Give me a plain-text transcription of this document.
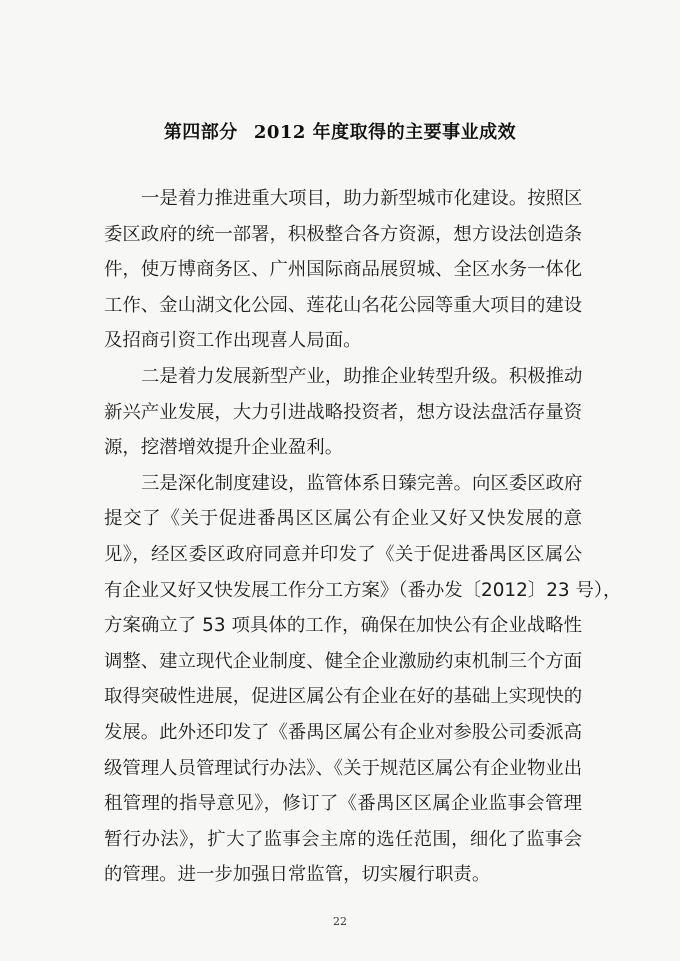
第四部分 2012 年度取得的主要事业成效
一是着力推进重大项目，助力新型城市化建设。按照区
委区政府的统一部署，积极整合各方资源，想方设法创造条
件，使万博商务区、广州国际商品展贸城、全区水务一体化
工作、金山湖文化公园、莲花山名花公园等重大项目的建设
及招商引资工作出现喜人局面。
二是着力发展新型产业，助推企业转型升级。积极推动
新兴产业发展，大力引进战略投资者，想方设法盘活存量资
源，挖潜增效提升企业盈利。
三是深化制度建设，监管体系日臻完善。向区委区政府
提交了《关于促进番禺区区属公有企业又好又快发展的意
见》，经区委区政府同意并印发了《关于促进番禺区区属公
有企业又好又快发展工作分工方案》（番办发〔2012〕23 号），
方案确立了 53 项具体的工作，确保在加快公有企业战略性
调整、建立现代企业制度、健全企业激励约束机制三个方面
取得突破性进展，促进区属公有企业在好的基础上实现快的
发展。此外还印发了《番禺区属公有企业对参股公司委派高
级管理人员管理试行办法》、《关于规范区属公有企业物业出
租管理的指导意见》，修订了《番禺区区属企业监事会管理
暂行办法》，扩大了监事会主席的选任范围，细化了监事会
的管理。进一步加强日常监管，切实履行职责。
22
